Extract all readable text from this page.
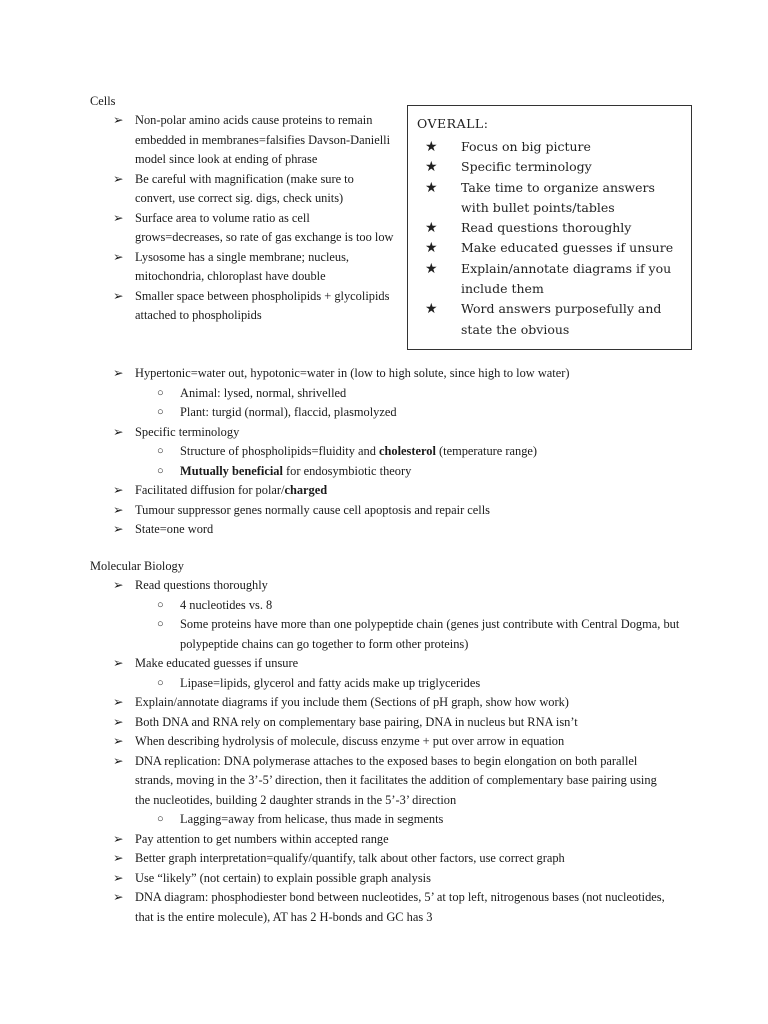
Cells
➢ Non-polar amino acids cause proteins to remain embedded in membranes=falsifies Davson-Danielli model since look at ending of phrase
➢ Be careful with magnification (make sure to convert, use correct sig. digs, check units)
➢ Surface area to volume ratio as cell grows=decreases, so rate of gas exchange is too low
➢ Lysosome has a single membrane; nucleus, mitochondria, chloroplast have double
➢ Smaller space between phospholipids + glycolipids attached to phospholipids
➢ Hypertonic=water out, hypotonic=water in (low to high solute, since high to low water)
○ Animal: lysed, normal, shrivelled
○ Plant: turgid (normal), flaccid, plasmolyzed
➢ Specific terminology
○ Structure of phospholipids=fluidity and cholesterol (temperature range)
○ Mutually beneficial for endosymbiotic theory
➢ Facilitated diffusion for polar/charged
➢ Tumour suppressor genes normally cause cell apoptosis and repair cells
➢ State=one word
OVERALL:
★ Focus on big picture
★ Specific terminology
★ Take time to organize answers with bullet points/tables
★ Read questions thoroughly
★ Make educated guesses if unsure
★ Explain/annotate diagrams if you include them
★ Word answers purposefully and state the obvious
Molecular Biology
➢ Read questions thoroughly
○ 4 nucleotides vs. 8
○ Some proteins have more than one polypeptide chain (genes just contribute with Central Dogma, but polypeptide chains can go together to form other proteins)
➢ Make educated guesses if unsure
○ Lipase=lipids, glycerol and fatty acids make up triglycerides
➢ Explain/annotate diagrams if you include them (Sections of pH graph, show how work)
➢ Both DNA and RNA rely on complementary base pairing, DNA in nucleus but RNA isn’t
➢ When describing hydrolysis of molecule, discuss enzyme + put over arrow in equation
➢ DNA replication: DNA polymerase attaches to the exposed bases to begin elongation on both parallel strands, moving in the 3’-5’ direction, then it facilitates the addition of complementary base pairing using the nucleotides, building 2 daughter strands in the 5’-3’ direction
○ Lagging=away from helicase, thus made in segments
➢ Pay attention to get numbers within accepted range
➢ Better graph interpretation=qualify/quantify, talk about other factors, use correct graph
➢ Use “likely” (not certain) to explain possible graph analysis
➢ DNA diagram: phosphodiester bond between nucleotides, 5’ at top left, nitrogenous bases (not nucleotides, that is the entire molecule), AT has 2 H-bonds and GC has 3
